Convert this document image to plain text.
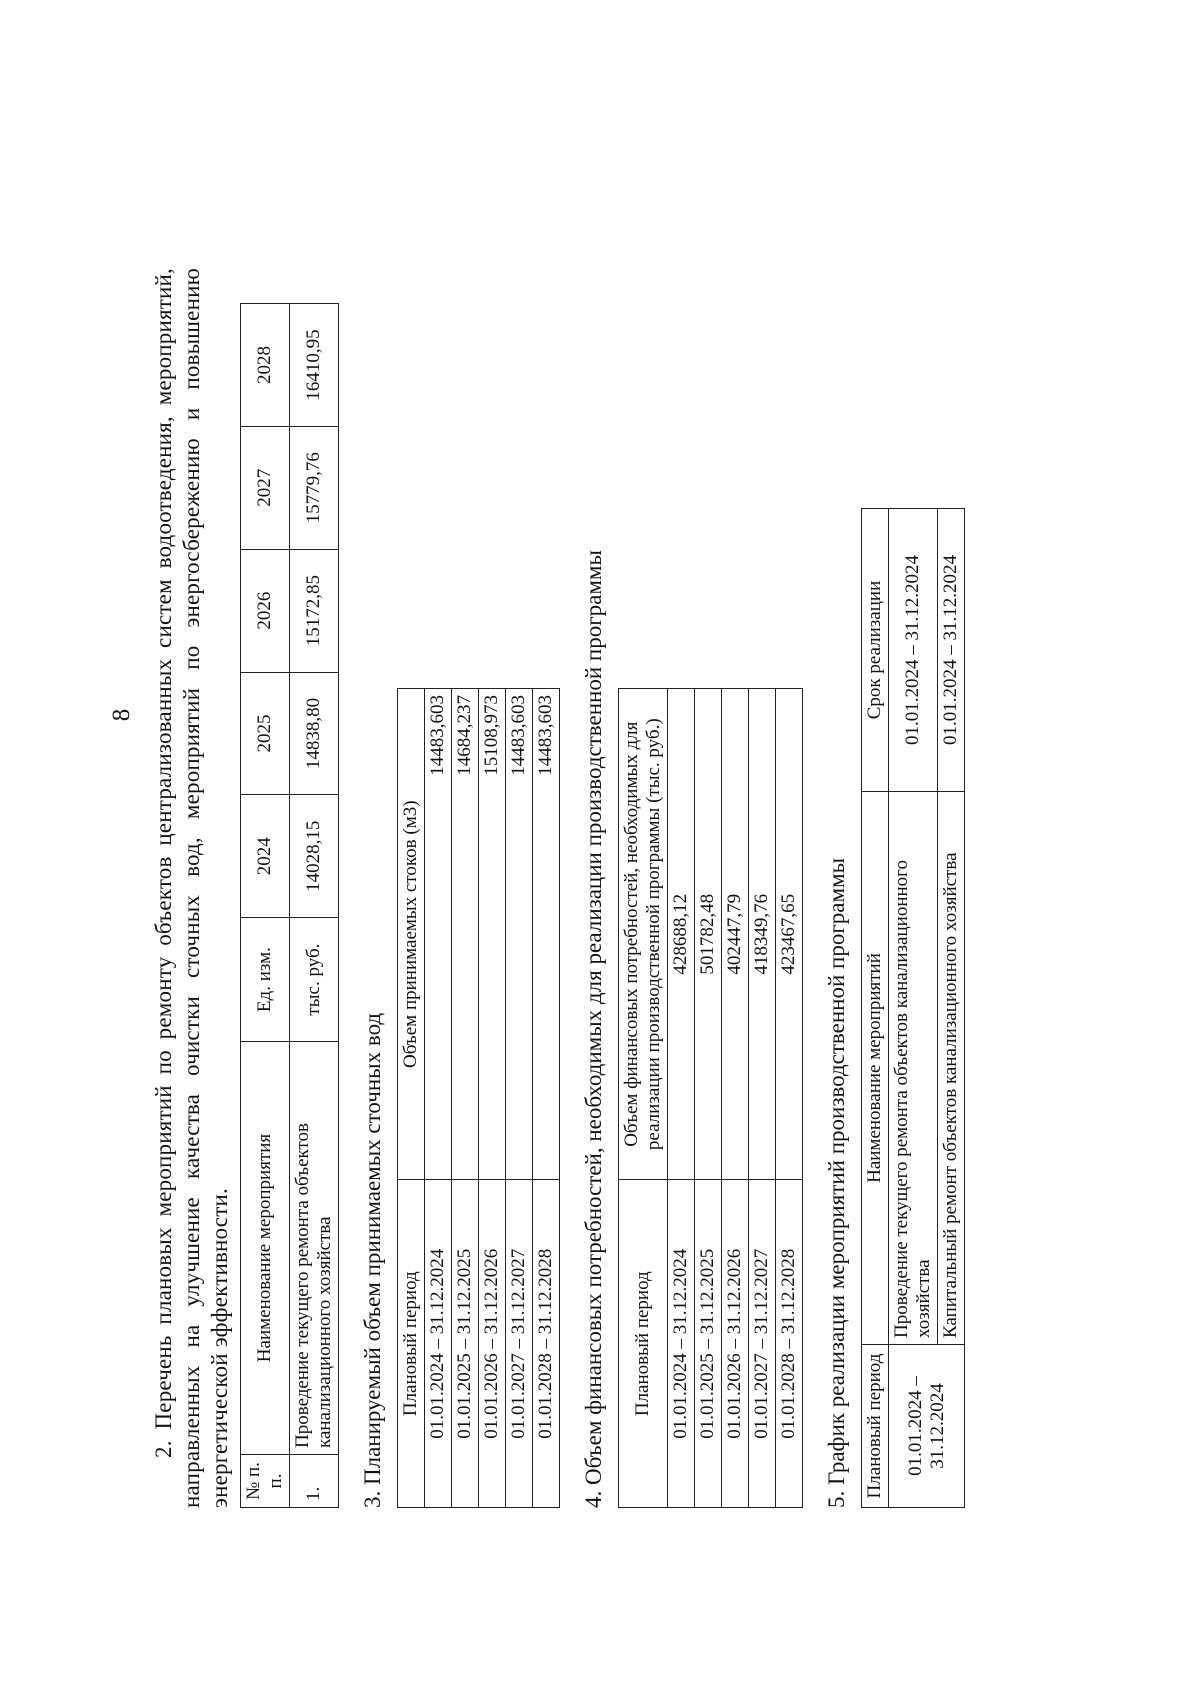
8 2. Перечень плановых мероприятий по ремонту объектов централизованных систем водоотведения, мероприятий, направленных на улучшение качества очистки сточных вод, мероприятий по энергосбережению и повышению энергетической эффективности. № п. п.	Наименование мероприятия	Ед. изм.	2024	2025	2026	2027	2028
1.	Проведение текущего ремонта объектов канализационного хозяйства	тыс. руб.	14028,15	14838,80	15172,85	15779,76	16410,95

3. Планируемый объем принимаемых сточных вод Плановый период	Объем принимаемых стоков (м3)
01.01.2024 – 31.12.2024	14483,603
01.01.2025 – 31.12.2025	14684,237
01.01.2026 – 31.12.2026	15108,973
01.01.2027 – 31.12.2027	14483,603
01.01.2028 – 31.12.2028	14483,603 4. Объем финансовых потребностей, необходимых для реализации производственной программы Плановый период	Объем финансовых потребностей, необходимых для реализации производственной программы (тыс. руб.)
01.01.2024 – 31.12.2024	428688,12
01.01.2025 – 31.12.2025	501782,48
01.01.2026 – 31.12.2026	402447,79
01.01.2027 – 31.12.2027	418349,76
01.01.2028 – 31.12.2028	423467,65 5. График реализации мероприятий производственной программы Плановый период	Наименование мероприятий	Срок реализации
01.01.2024 – 31.12.2024	Проведение текущего ремонта объектов канализационного хозяйства	01.01.2024 – 31.12.2024
	Капитальный ремонт объектов канализационного хозяйства	01.01.2024 – 31.12.2024
